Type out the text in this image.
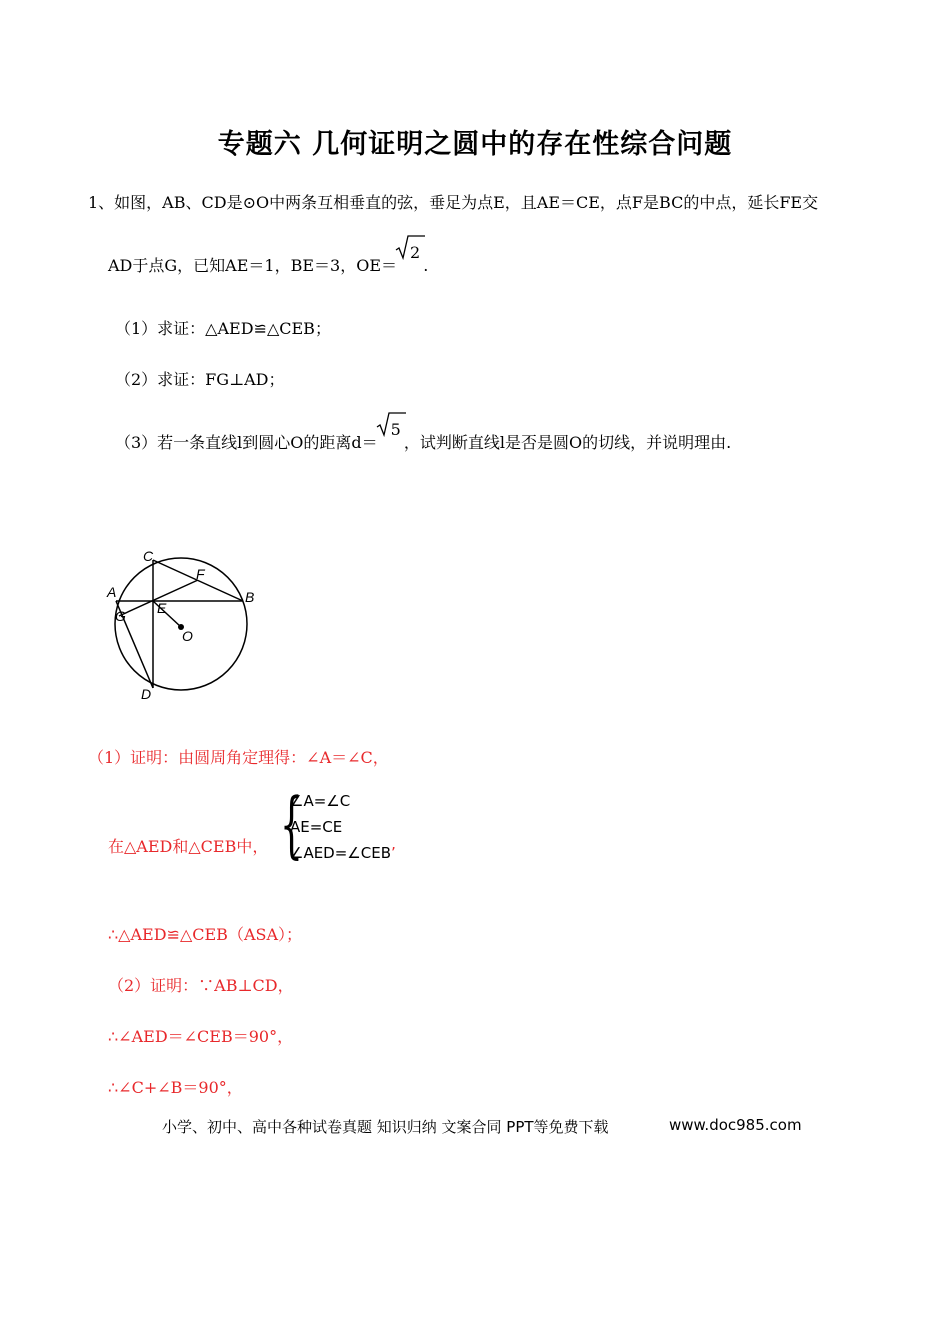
专题六 几何证明之圆中的存在性综合问题
1、如图，AB、CD是⊙O中两条互相垂直的弦，垂足为点E，且AE＝CE，点F是BC的中点，延长FE交
AD于点G，已知AE＝1，BE＝3，OE＝
2.
（1）求证：△AED≌△CEB；
（2）求证：FG⊥AD；
（3）若一条直线l到圆心O的距离d＝
5，试判断直线l是否是圆O的切线，并说明理由.
C
F
A	B
E
G
O
D
（1）证明：由圆周角定理得：∠A＝∠C，
在△AED和△CEB中， {
∠A=∠C
AE=CE
∠AED=∠CEB’
∴△AED≌△CEB（ASA）；
（2）证明：∵AB⊥CD，
∴∠AED＝∠CEB＝90°，
∴∠C+∠B＝90°，
小学、初中、高中各种试卷真题 知识归纳 文案合同 PPT等免费下载	www.doc985.com
